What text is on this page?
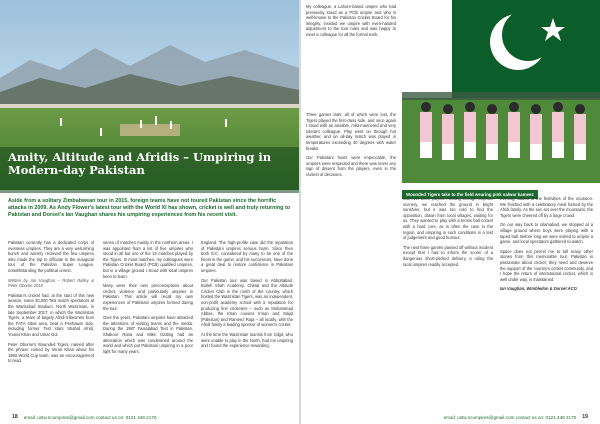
Amity, Altitude and Afridis – Umpiring in Modern-day Pakistan

Aside from a solitary Zimbabwean tour in 2015, foreign teams have not toured Pakistan since the horrific attacks in 2009. As Andy Flower's latest tour with the World XI has shown, cricket is well and truly returning to Pakistan and Dorset's Ian Vaughan shares his umpiring experiences from his recent visit.

Pakistan currently has a dedicated corps of overseas umpires. They are a very welcoming bunch and warmly received the few umpires who made the trip to officiate in the inaugural tour of the Pakistan Super League, notwithstanding the political unrest.

Written by Ian Vaughan – Robert Ridley & Peter Oborne 2018

Pakistan's cricket had, at the start of this new season, some 20,000 Test match spectators at the Wazirabad Stadium, North Waziristan, in late September 2017, in which the Waziristan Tigers, a team of largely Afridi tribesmen from the FATA tribal area, beat a Peshawar side, including former Test stars Shahid Afridi, Younis Khan and Umar Gul.

Peter Oborne's Wounded Tigers, named after the phrase coined by Imran Khan about his 1992 World Cup team, was an encouragement to read.

series of matches mainly in the northern areas. I was appointed from a list of five umpires who stood in all but one of the 15 matches played by the Tigers. In most matches, my colleagues were Pakistan Cricket Board (PCB) qualified umpires, but in a village ground I stood with local umpires keen to learn.

Many were their own preconceptions about cricket, violence and particularly umpires in Pakistan. This article will recall my own experiences of Pakistani umpires formed during the tour.

Over the years, Pakistani umpires have attracted the attentions of visiting teams and the media. During the 1987 Faisalabad Test in Pakistan, Shakoor Rana and Mike Gatting had an altercation which was condemned around the world and which put Pakistani umpiring in a poor light for many years.

England. The high-profile case did the reputation of Pakistani umpires serious harm. Since then both ICC, considered by many to be one of the finest in the game, and his successors, have done a great deal to restore confidence in Pakistani umpires.

Our Pakistan tour was based in Abbottabad. Bulleh Shah Academy, Chitral and the Altitude Cricket Club in the north of the country, which hosted the Waziristan Tigers, was an independent, non-profit academy school with a reputation for producing fine cricketers – such as Mohammad Abbas, the Khan cousins Imran and Majid (Pakistan) and Rameez Raja – all locally, with the Afridi family a leading sponsor of women's cricket.

At the time the Waziristan tourists from Gilgit, who were unable to play in the North, had me umpiring and I found the experience rewarding.

18 email: ustw.ncumpires@gmail.com contact us on: 0121 448 2170

My colleague, a Lahore-based umpire who had previously stood as a PCB umpire and who is well-known to the Pakistan Cricket Board for his integrity, insisted we umpire with even-handed adjustment to the tour rules and was happy to meet a colleague for all the formal work.

Three games later, all of which were lost, the Tigers played the first-class side, and once again I stood with an amiable, mild-mannered and very tolerant colleague. Play went on through hot weather, and an all-day match was played in temperatures exceeding 40 degrees with water breaks.

Our Pakistani hosts were impeccable, the umpires were respected and there was never any sign of dissent from the players, even in the closest of decisions.

Wounded Tigers take to the field wearing pink salwar kameez

had ever been played. Passing through majestic scenery, we reached the ground in bright sunshine, but it was too cold to find the opposition, drawn from local villages, waiting for us. They wanted to play with a tennis ball cricket with a hard core, as is often the case in the region, and umpiring in such conditions is a test of judgement and good humour.

The next three games passed off without incident except that I had to inform the scorer of a dangerous short-pitched delivery, a ruling the local umpires readily accepted.

evening, added to the festivities of the occasion. We finished with a celebratory meal hosted by the Afridi family. As the sun set over the mountains, the Tigers were cheered off by a large crowd.

On our way back to Islamabad, we stopped at a village ground where boys were playing with a taped ball. Before long we were invited to umpire a game, and local spectators gathered to watch.

Space does not permit me to tell many other stories from this memorable tour. Pakistan is passionate about cricket; they need and deserve the support of the country's cricket community, and I hope the return of international cricket, which is well under way, is maintained.

Ian Vaughan, Wimbledon & Dorset ACO

email: ustw.ncumpires@gmail.com contact us on: 0121 448 2170 19
